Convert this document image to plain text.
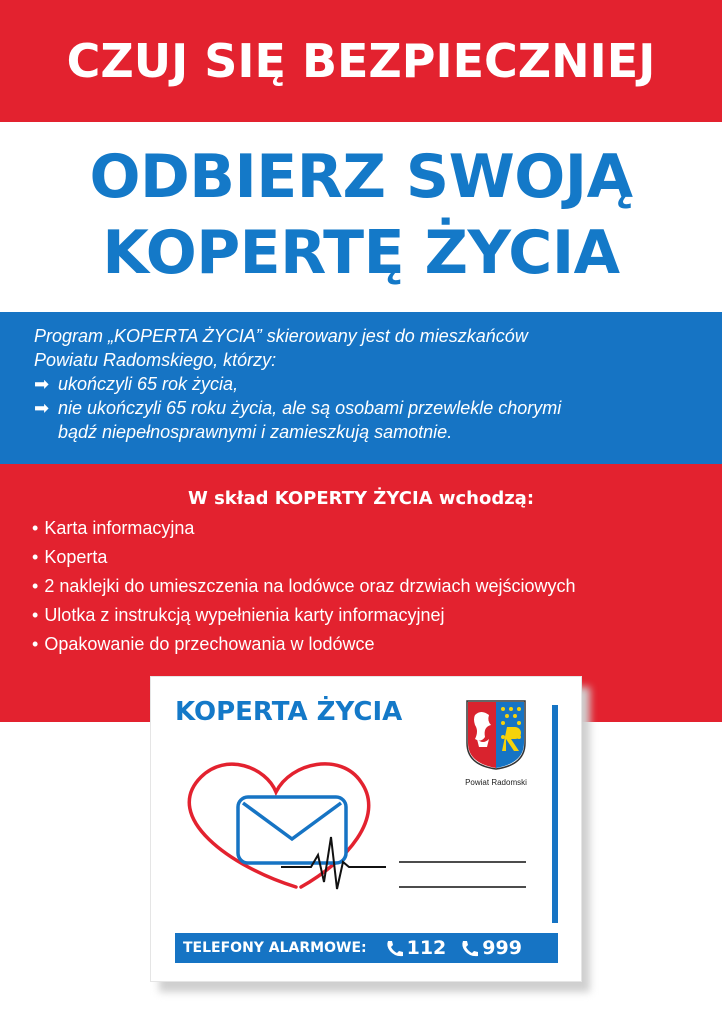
CZUJ SIĘ BEZPIECZNIEJ
ODBIERZ SWOJĄ
KOPERTĘ ŻYCIA
Program „KOPERTA ŻYCIA” skierowany jest do mieszkańców
Powiatu Radomskiego, którzy:
➡ ukończyli 65 rok życia,
➡ nie ukończyli 65 roku życia, ale są osobami przewlekle chorymi
bądź niepełnosprawnymi i zamieszkują samotnie.
W skład KOPERTY ŻYCIA wchodzą:
• Karta informacyjna
• Koperta
• 2 naklejki do umieszczenia na lodówce oraz drzwiach wejściowych
• Ulotka z instrukcją wypełnienia karty informacyjnej
• Opakowanie do przechowania w lodówce
KOPERTA ŻYCIA
Powiat Radomski
TELEFONY ALARMOWE: 112 999
